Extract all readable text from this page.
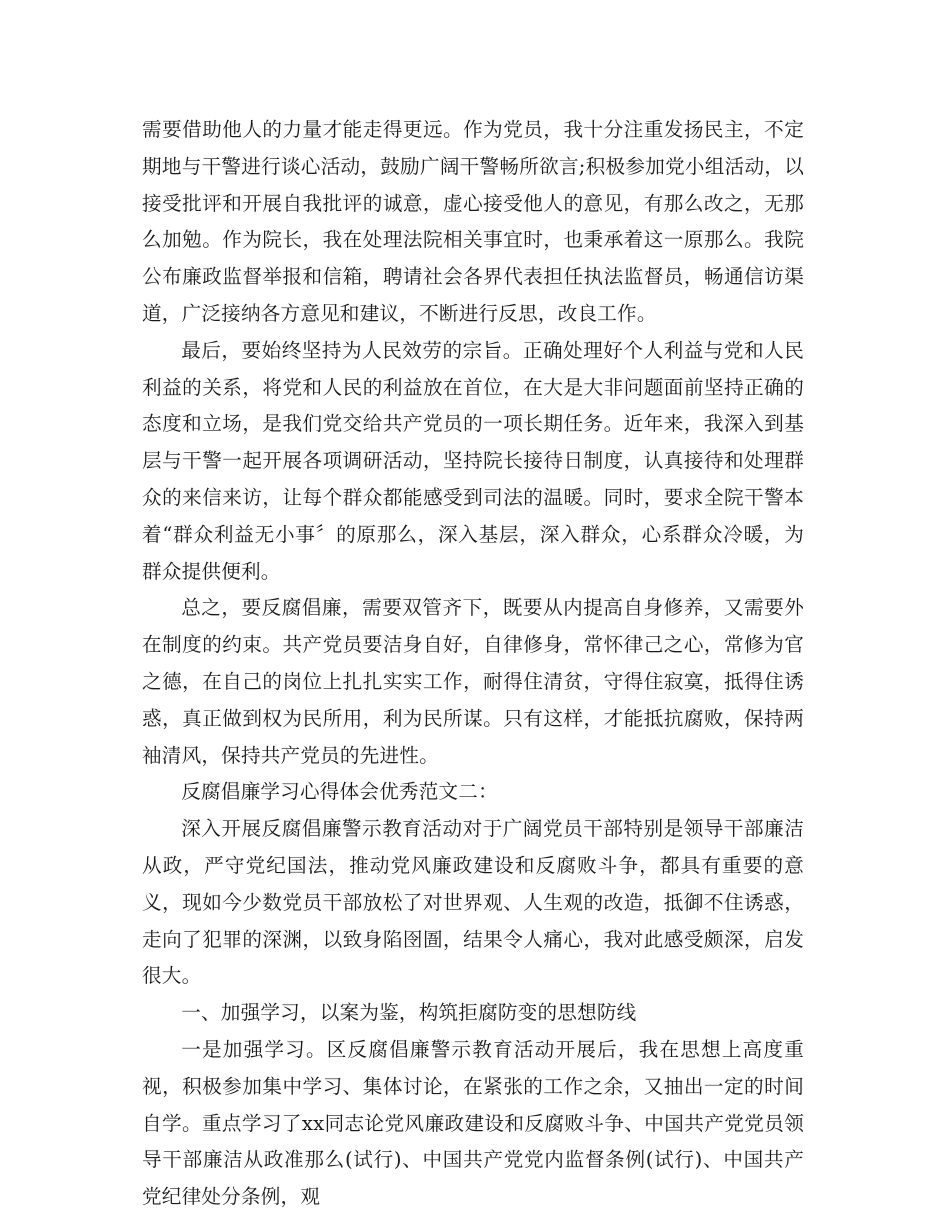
需要借助他人的力量才能走得更远。作为党员，我十分注重发扬民主，不定期地与干警进行谈心活动，鼓励广阔干警畅所欲言;积极参加党小组活动，以接受批评和开展自我批评的诚意，虚心接受他人的意见，有那么改之，无那么加勉。作为院长，我在处理法院相关事宜时，也秉承着这一原那么。我院公布廉政监督举报和信箱，聘请社会各界代表担任执法监督员，畅通信访渠道，广泛接纳各方意见和建议，不断进行反思，改良工作。

最后，要始终坚持为人民效劳的宗旨。正确处理好个人利益与党和人民利益的关系，将党和人民的利益放在首位，在大是大非问题面前坚持正确的态度和立场，是我们党交给共产党员的一项长期任务。近年来，我深入到基层与干警一起开展各项调研活动，坚持院长接待日制度，认真接待和处理群众的来信来访，让每个群众都能感受到司法的温暖。同时，要求全院干警本着“群众利益无小事〞的原那么，深入基层，深入群众，心系群众冷暖，为群众提供便利。

总之，要反腐倡廉，需要双管齐下，既要从内提高自身修养，又需要外在制度的约束。共产党员要洁身自好，自律修身，常怀律己之心，常修为官之德，在自己的岗位上扎扎实实工作，耐得住清贫，守得住寂寞，抵得住诱惑，真正做到权为民所用，利为民所谋。只有这样，才能抵抗腐败，保持两袖清风，保持共产党员的先进性。

反腐倡廉学习心得体会优秀范文二：

深入开展反腐倡廉警示教育活动对于广阔党员干部特别是领导干部廉洁从政，严守党纪国法，推动党风廉政建设和反腐败斗争，都具有重要的意义，现如今少数党员干部放松了对世界观、人生观的改造，抵御不住诱惑，走向了犯罪的深渊，以致身陷囹圄，结果令人痛心，我对此感受颇深，启发很大。

一、加强学习，以案为鉴，构筑拒腐防变的思想防线

一是加强学习。区反腐倡廉警示教育活动开展后，我在思想上高度重视，积极参加集中学习、集体讨论，在紧张的工作之余，又抽出一定的时间自学。重点学习了xx同志论党风廉政建设和反腐败斗争、中国共产党党员领导干部廉洁从政准那么(试行)、中国共产党党内监督条例(试行)、中国共产党纪律处分条例，观
